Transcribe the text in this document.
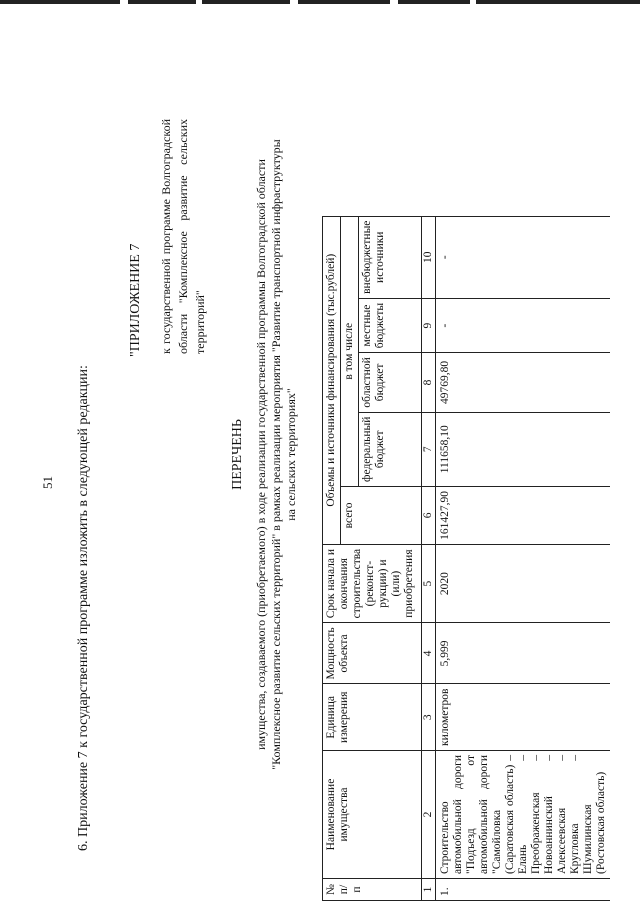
51 6. Приложение 7 к государственной программе изложить в следующей редакции:
"ПРИЛОЖЕНИЕ 7 к государственной программе Волгоградской области "Комплексное развитие сельских территорий"
ПЕРЕЧЕНЬ имущества, создаваемого (приобретаемого) в ходе реализации государственной программы Волгоградской области "Комплексное развитие сельских территорий" в рамках реализации мероприятия "Развитие транспортной инфраструктуры на сельских территориях"
№ п/п	Наименование имущества	Единица измерения	Мощность объекта	Срок начала и окончания строительства (реконст-рукции) и (или) приобретения	Объемы и источники финансирования (тыс.рублей)				
					всего	в том числе			
						федеральный бюджет	областной бюджет	местные бюджеты	внебюджетные источники
1	2	3	4	5	6	7	8	9	10
1.	Строительство автомобильной дороги "Подъезд от автомобильной дороги "Самойловка (Саратовская область) – Елань – Преображенская – Новоаннинский – Алексеевская – Кругловка – Шумилинская (Ростовская область)	километров	5,999	2020	161427,90	111658,10	49769,80	-	-
